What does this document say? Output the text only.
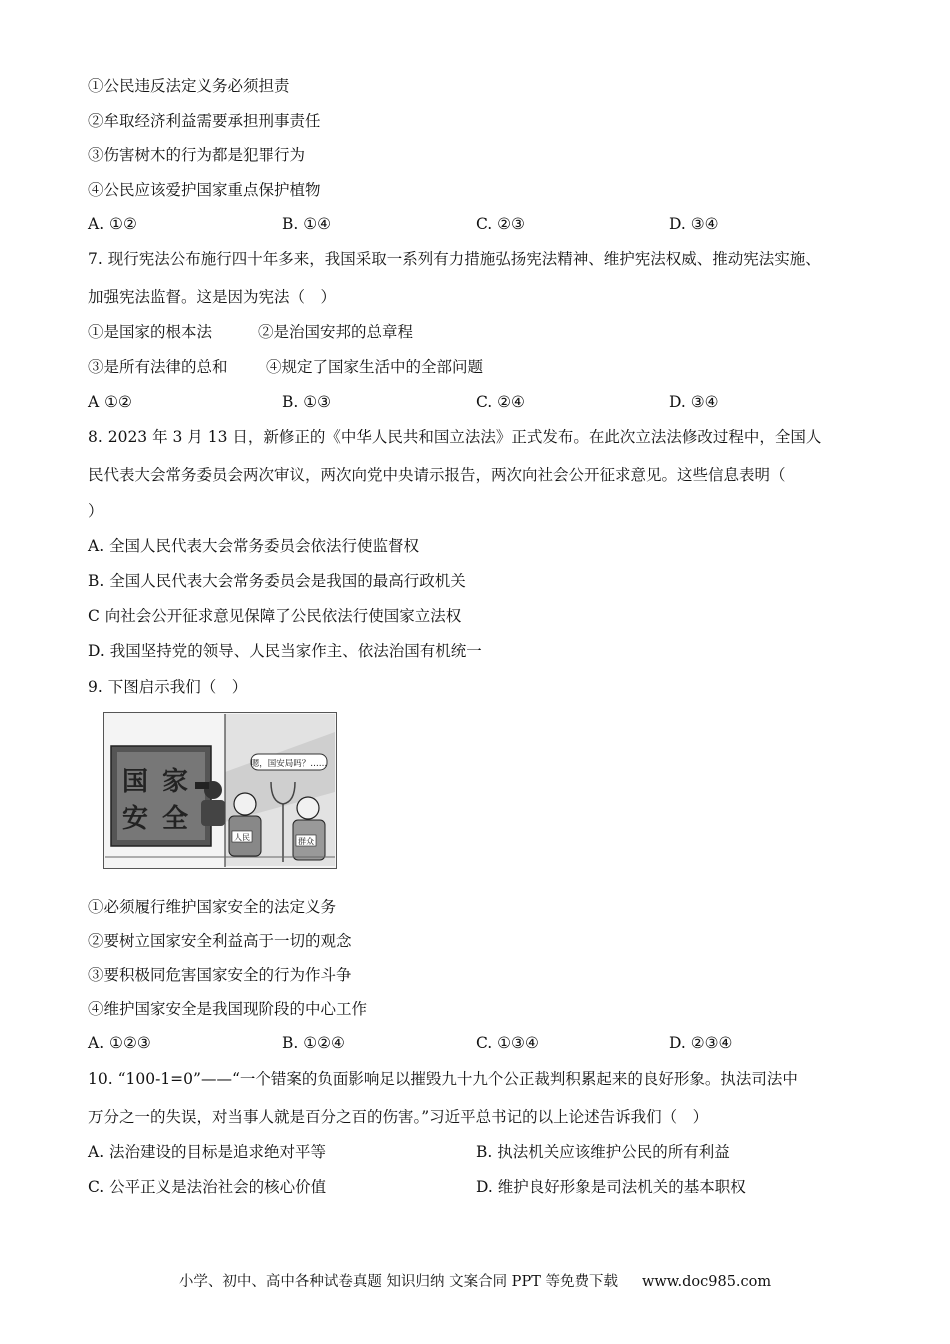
①公民违反法定义务必须担责
②牟取经济利益需要承担刑事责任
③伤害树木的行为都是犯罪行为
④公民应该爱护国家重点保护植物
A. ①②	B. ①④	C. ②③	D. ③④
7. 现行宪法公布施行四十年多来，我国采取一系列有力措施弘扬宪法精神、维护宪法权威、推动宪法实施、
加强宪法监督。这是因为宪法（　）
①是国家的根本法	②是治国安邦的总章程
③是所有法律的总和 ④规定了国家生活中的全部问题
A ①②	B. ①③	C. ②④	D. ③④
8. 2023 年 3 月 13 日，新修正的《中华人民共和国立法法》正式发布。在此次立法法修改过程中，全国人
民代表大会常务委员会两次审议，两次向党中央请示报告，两次向社会公开征求意见。这些信息表明（
）
A. 全国人民代表大会常务委员会依法行使监督权
B. 全国人民代表大会常务委员会是我国的最高行政机关
C 向社会公开征求意见保障了公民依法行使国家立法权
D. 我国坚持党的领导、人民当家作主、依法治国有机统一
9. 下图启示我们（　）
国 家
安 全
嗯，国安局吗？……
人民	群众
①必须履行维护国家安全的法定义务
②要树立国家安全利益高于一切的观念
③要积极同危害国家安全的行为作斗争
④维护国家安全是我国现阶段的中心工作
A. ①②③	B. ①②④	C. ①③④	D. ②③④
10. “100-1=0”——“一个错案的负面影响足以摧毁九十九个公正裁判积累起来的良好形象。执法司法中
万分之一的失误，对当事人就是百分之百的伤害。”习近平总书记的以上论述告诉我们（　）
A. 法治建设的目标是追求绝对平等	B. 执法机关应该维护公民的所有利益
C. 公平正义是法治社会的核心价值	D. 维护良好形象是司法机关的基本职权
小学、初中、高中各种试卷真题 知识归纳 文案合同 PPT 等免费下载 www.doc985.com
